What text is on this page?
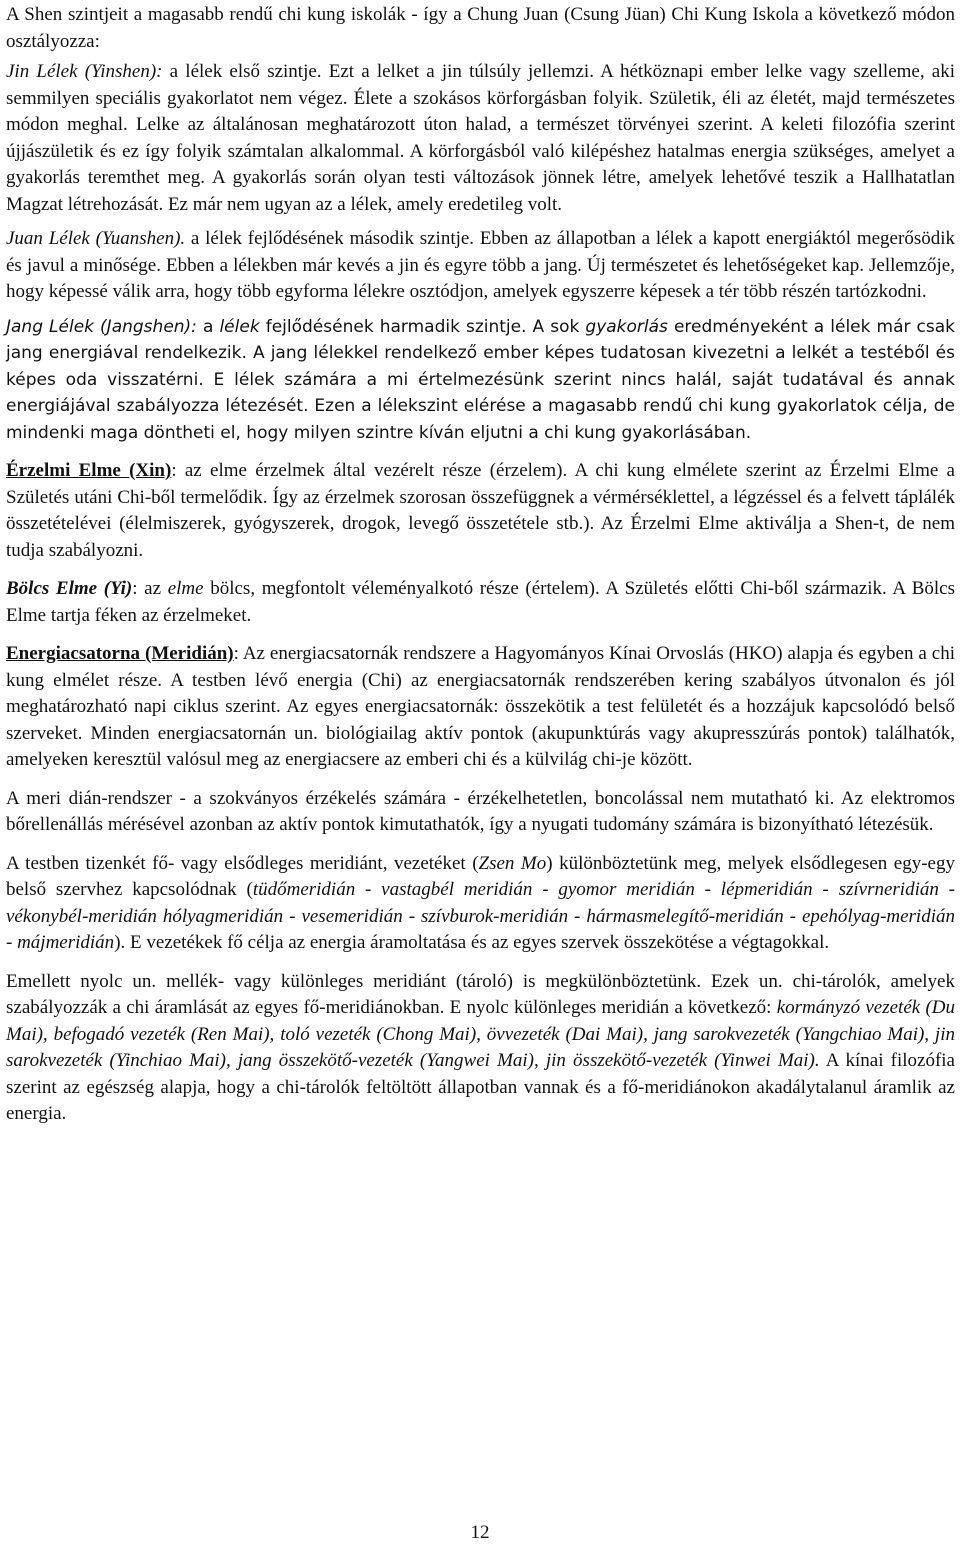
A Shen szintjeit a magasabb rendű chi kung iskolák - így a Chung Juan (Csung Jüan) Chi Kung Iskola a következő módon osztályozza:

Jin Lélek (Yinshen): a lélek első szintje. Ezt a lelket a jin túlsúly jellemzi. A hétköznapi ember lelke vagy szelleme, aki semmilyen speciális gyakorlatot nem végez. Élete a szokásos körforgásban folyik. Születik, éli az életét, majd természetes módon meghal. Lelke az általánosan meghatározott úton halad, a természet törvényei szerint. A keleti filozófia szerint újjászületik és ez így folyik számtalan alkalommal. A körforgásból való kilépéshez hatalmas energia szükséges, amelyet a gyakorlás teremthet meg. A gyakorlás során olyan testi változások jönnek létre, amelyek lehetővé teszik a Hallhatatlan Magzat létrehozását. Ez már nem ugyan az a lélek, amely eredetileg volt.

Juan Lélek (Yuanshen). a lélek fejlődésének második szintje. Ebben az állapotban a lélek a kapott energiáktól megerősödik és javul a minősége. Ebben a lélekben már kevés a jin és egyre több a jang. Új természetet és lehetőségeket kap. Jellemzője, hogy képessé válik arra, hogy több egyforma lélekre osztódjon, amelyek egyszerre képesek a tér több részén tartózkodni.

Jang Lélek (Jangshen): a lélek fejlődésének harmadik szintje. A sok gyakorlás eredményeként a lélek már csak jang energiával rendelkezik. A jang lélekkel rendelkező ember képes tudatosan kivezetni a lelkét a testéből és képes oda visszatérni. E lélek számára a mi értelmezésünk szerint nincs halál, saját tudatával és annak energiájával szabályozza létezését. Ezen a lélekszint elérése a magasabb rendű chi kung gyakorlatok célja, de mindenki maga döntheti el, hogy milyen szintre kíván eljutni a chi kung gyakorlásában.

Érzelmi Elme (Xin): az elme érzelmek által vezérelt része (érzelem). A chi kung elmélete szerint az Érzelmi Elme a Születés utáni Chi-ből termelődik. Így az érzelmek szorosan összefüggnek a vérmérséklettel, a légzéssel és a felvett táplálék összetételévei (élelmiszerek, gyógyszerek, drogok, levegő összetétele stb.). Az Érzelmi Elme aktiválja a Shen-t, de nem tudja szabályozni.

Bölcs Elme (Yi): az elme bölcs, megfontolt véleményalkotó része (értelem). A Születés előtti Chi-ből származik. A Bölcs Elme tartja féken az érzelmeket.

Energiacsatorna (Meridián): Az energiacsatornák rendszere a Hagyományos Kínai Orvoslás (HKO) alapja és egyben a chi kung elmélet része. A testben lévő energia (Chi) az energiacsatornák rendszerében kering szabályos útvonalon és jól meghatározható napi ciklus szerint. Az egyes energiacsatornák: összekötik a test felületét és a hozzájuk kapcsolódó belső szerveket. Minden energiacsatornán un. biológiailag aktív pontok (akupunktúrás vagy akupresszúrás pontok) találhatók, amelyeken keresztül valósul meg az energiacsere az emberi chi és a külvilág chi-je között.

A meri dián-rendszer - a szokványos érzékelés számára - érzékelhetetlen, boncolással nem mutatható ki. Az elektromos bőrellenállás mérésével azonban az aktív pontok kimutathatók, így a nyugati tudomány számára is bizonyítható létezésük.

A testben tizenkét fő- vagy elsődleges meridiánt, vezetéket (Zsen Mo) különböztetünk meg, melyek elsődlegesen egy-egy belső szervhez kapcsolódnak (tüdőmeridián - vastagbél meridián - gyomor meridián - lépmeridián - szívrneridián - vékonybél-meridián hólyagmeridián - vesemeridián - szívburok-meridián - hármasmelegítő-meridián - epehólyag-meridián - májmeridián). E vezetékek fő célja az energia áramoltatása és az egyes szervek összekötése a végtagokkal.

Emellett nyolc un. mellék- vagy különleges meridiánt (tároló) is megkülönböztetünk. Ezek un. chi-tárolók, amelyek szabályozzák a chi áramlását az egyes fő-meridiánokban. E nyolc különleges meridián a következő: kormányzó vezeték (Du Mai), befogadó vezeték (Ren Mai), toló vezeték (Chong Mai), övvezeték (Dai Mai), jang sarokvezeték (Yangchiao Mai), jin sarokvezeték (Yinchiao Mai), jang összekötő-vezeték (Yangwei Mai), jin összekötő-vezeték (Yinwei Mai). A kínai filozófia szerint az egészség alapja, hogy a chi-tárolók feltöltött állapotban vannak és a fő-meridiánokon akadálytalanul áramlik az energia.

12
